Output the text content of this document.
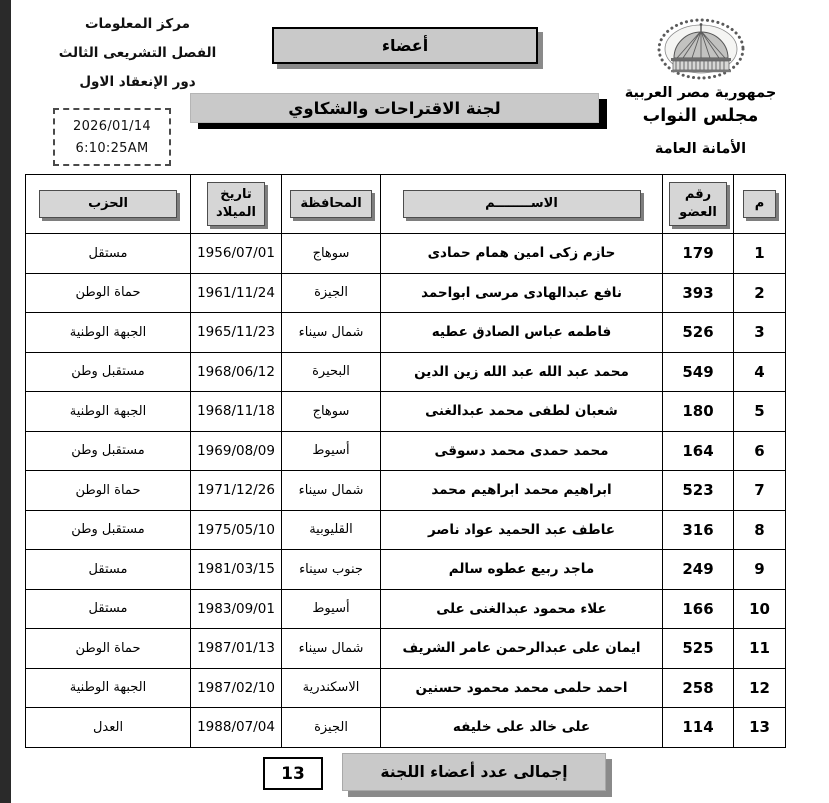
مركز المعلومات
الفصل التشريعى الثالث
دور الإنعقاد الاول
2026/01/14
6:10:25AM
أعضاء
لجنة الاقتراحات والشكاوي
جمهورية مصر العربية
مجلس النواب
الأمانة العامة
م	رقم العضو	الاســــــــم	المحافظة	تاريخ الميلاد	الحزب
1	179	حازم زكى امين همام حمادى	سوهاج	1956/07/01	مستقل
2	393	نافع عبدالهادى مرسى ابواحمد	الجيزة	1961/11/24	حماة الوطن
3	526	فاطمه عباس الصادق عطيه	شمال سيناء	1965/11/23	الجبهة الوطنية
4	549	محمد عبد الله عبد الله زين الدين	البحيرة	1968/06/12	مستقبل وطن
5	180	شعبان لطفى محمد عبدالغنى	سوهاج	1968/11/18	الجبهة الوطنية
6	164	محمد حمدى محمد دسوقى	أسيوط	1969/08/09	مستقبل وطن
7	523	ابراهيم محمد ابراهيم محمد	شمال سيناء	1971/12/26	حماة الوطن
8	316	عاطف عبد الحميد عواد ناصر	القليوبية	1975/05/10	مستقبل وطن
9	249	ماجد ربيع عطوه سالم	جنوب سيناء	1981/03/15	مستقل
10	166	علاء محمود عبدالغنى على	أسيوط	1983/09/01	مستقل
11	525	ايمان على عبدالرحمن عامر الشريف	شمال سيناء	1987/01/13	حماة الوطن
12	258	احمد حلمى محمد محمود حسنين	الاسكندرية	1987/02/10	الجبهة الوطنية
13	114	على خالد على خليفه	الجيزة	1988/07/04	العدل
13	إجمالى عدد أعضاء اللجنة
